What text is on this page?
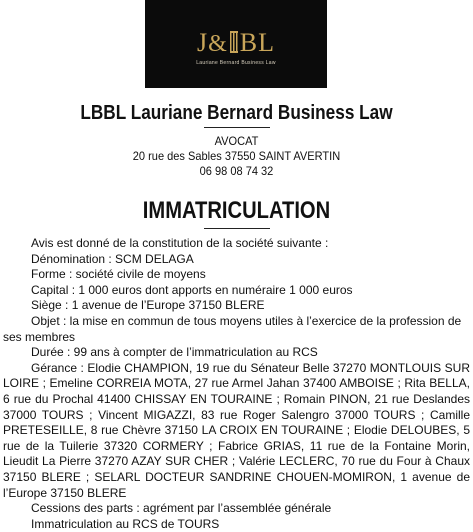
J& BL
Lauriane Bernard Business Law
LBBL Lauriane Bernard Business Law
AVOCAT
20 rue des Sables 37550 SAINT AVERTIN
06 98 08 74 32
IMMATRICULATION

Avis est donné de la constitution de la société suivante :

Dénomination : SCM DELAGA

Forme : société civile de moyens

Capital : 1 000 euros dont apports en numéraire 1 000 euros

Siège : 1 avenue de l’Europe 37150 BLERE

Objet : la mise en commun de tous moyens utiles à l’exercice de la profession de ses membres

Durée : 99 ans à compter de l’immatriculation au RCS

Gérance : Elodie CHAMPION, 19 rue du Sénateur Belle 37270 MONTLOUIS SUR LOIRE ; Emeline CORREIA MOTA, 27 rue Armel Jahan 37400 AMBOISE ; Rita BELLA, 6 rue du Prochal 41400 CHISSAY EN TOURAINE ; Romain PINON, 21 rue Deslandes 37000 TOURS ; Vincent MIGAZZI, 83 rue Roger Salengro 37000 TOURS ; Camille PRETESEILLE, 8 rue Chèvre 37150 LA CROIX EN TOURAINE ; Elodie DELOUBES, 5 rue de la Tuilerie 37320 CORMERY ; Fabrice GRIAS, 11 rue de la Fontaine Morin, Lieudit La Pierre 37270 AZAY SUR CHER ; Valérie LECLERC, 70 rue du Four à Chaux 37150 BLERE ; SELARL DOCTEUR SANDRINE CHOUEN-MOMIRON, 1 avenue de l’Europe 37150 BLERE

Cessions des parts : agrément par l’assemblée générale

Immatriculation au RCS de TOURS
